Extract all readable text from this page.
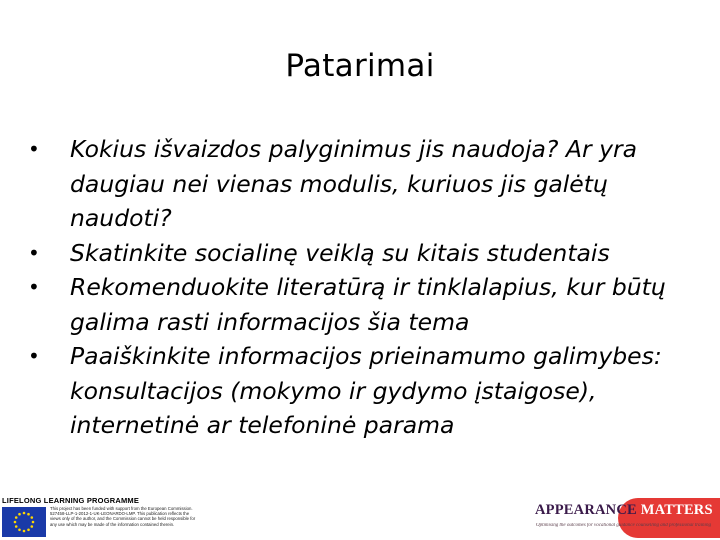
Patarimai
•	Kokius išvaizdos palyginimus jis naudoja? Ar yra daugiau nei vienas modulis, kuriuos jis galėtų naudoti?
•	Skatinkite socialinę veiklą su kitais studentais
•	Rekomenduokite literatūrą ir tinklalapius, kur būtų galima rasti informacijos šia tema
•	Paaiškinkite informacijos prieinamumo galimybes: konsultacijos (mokymo ir gydymo įstaigose), internetinė ar telefoninė parama
LIFELONG LEARNING PROGRAMME
This project has been funded with support from the European Commission. 527458-LLP-1-2012-1-UK-LEONARDO-LMP. This publication reflects the views only of the author, and the Commission cannot be held responsible for any use which may be made of the information contained therein.
APPEARANCE MATTERS
Optimising the outcomes for vocational guidance counselling and professional training
